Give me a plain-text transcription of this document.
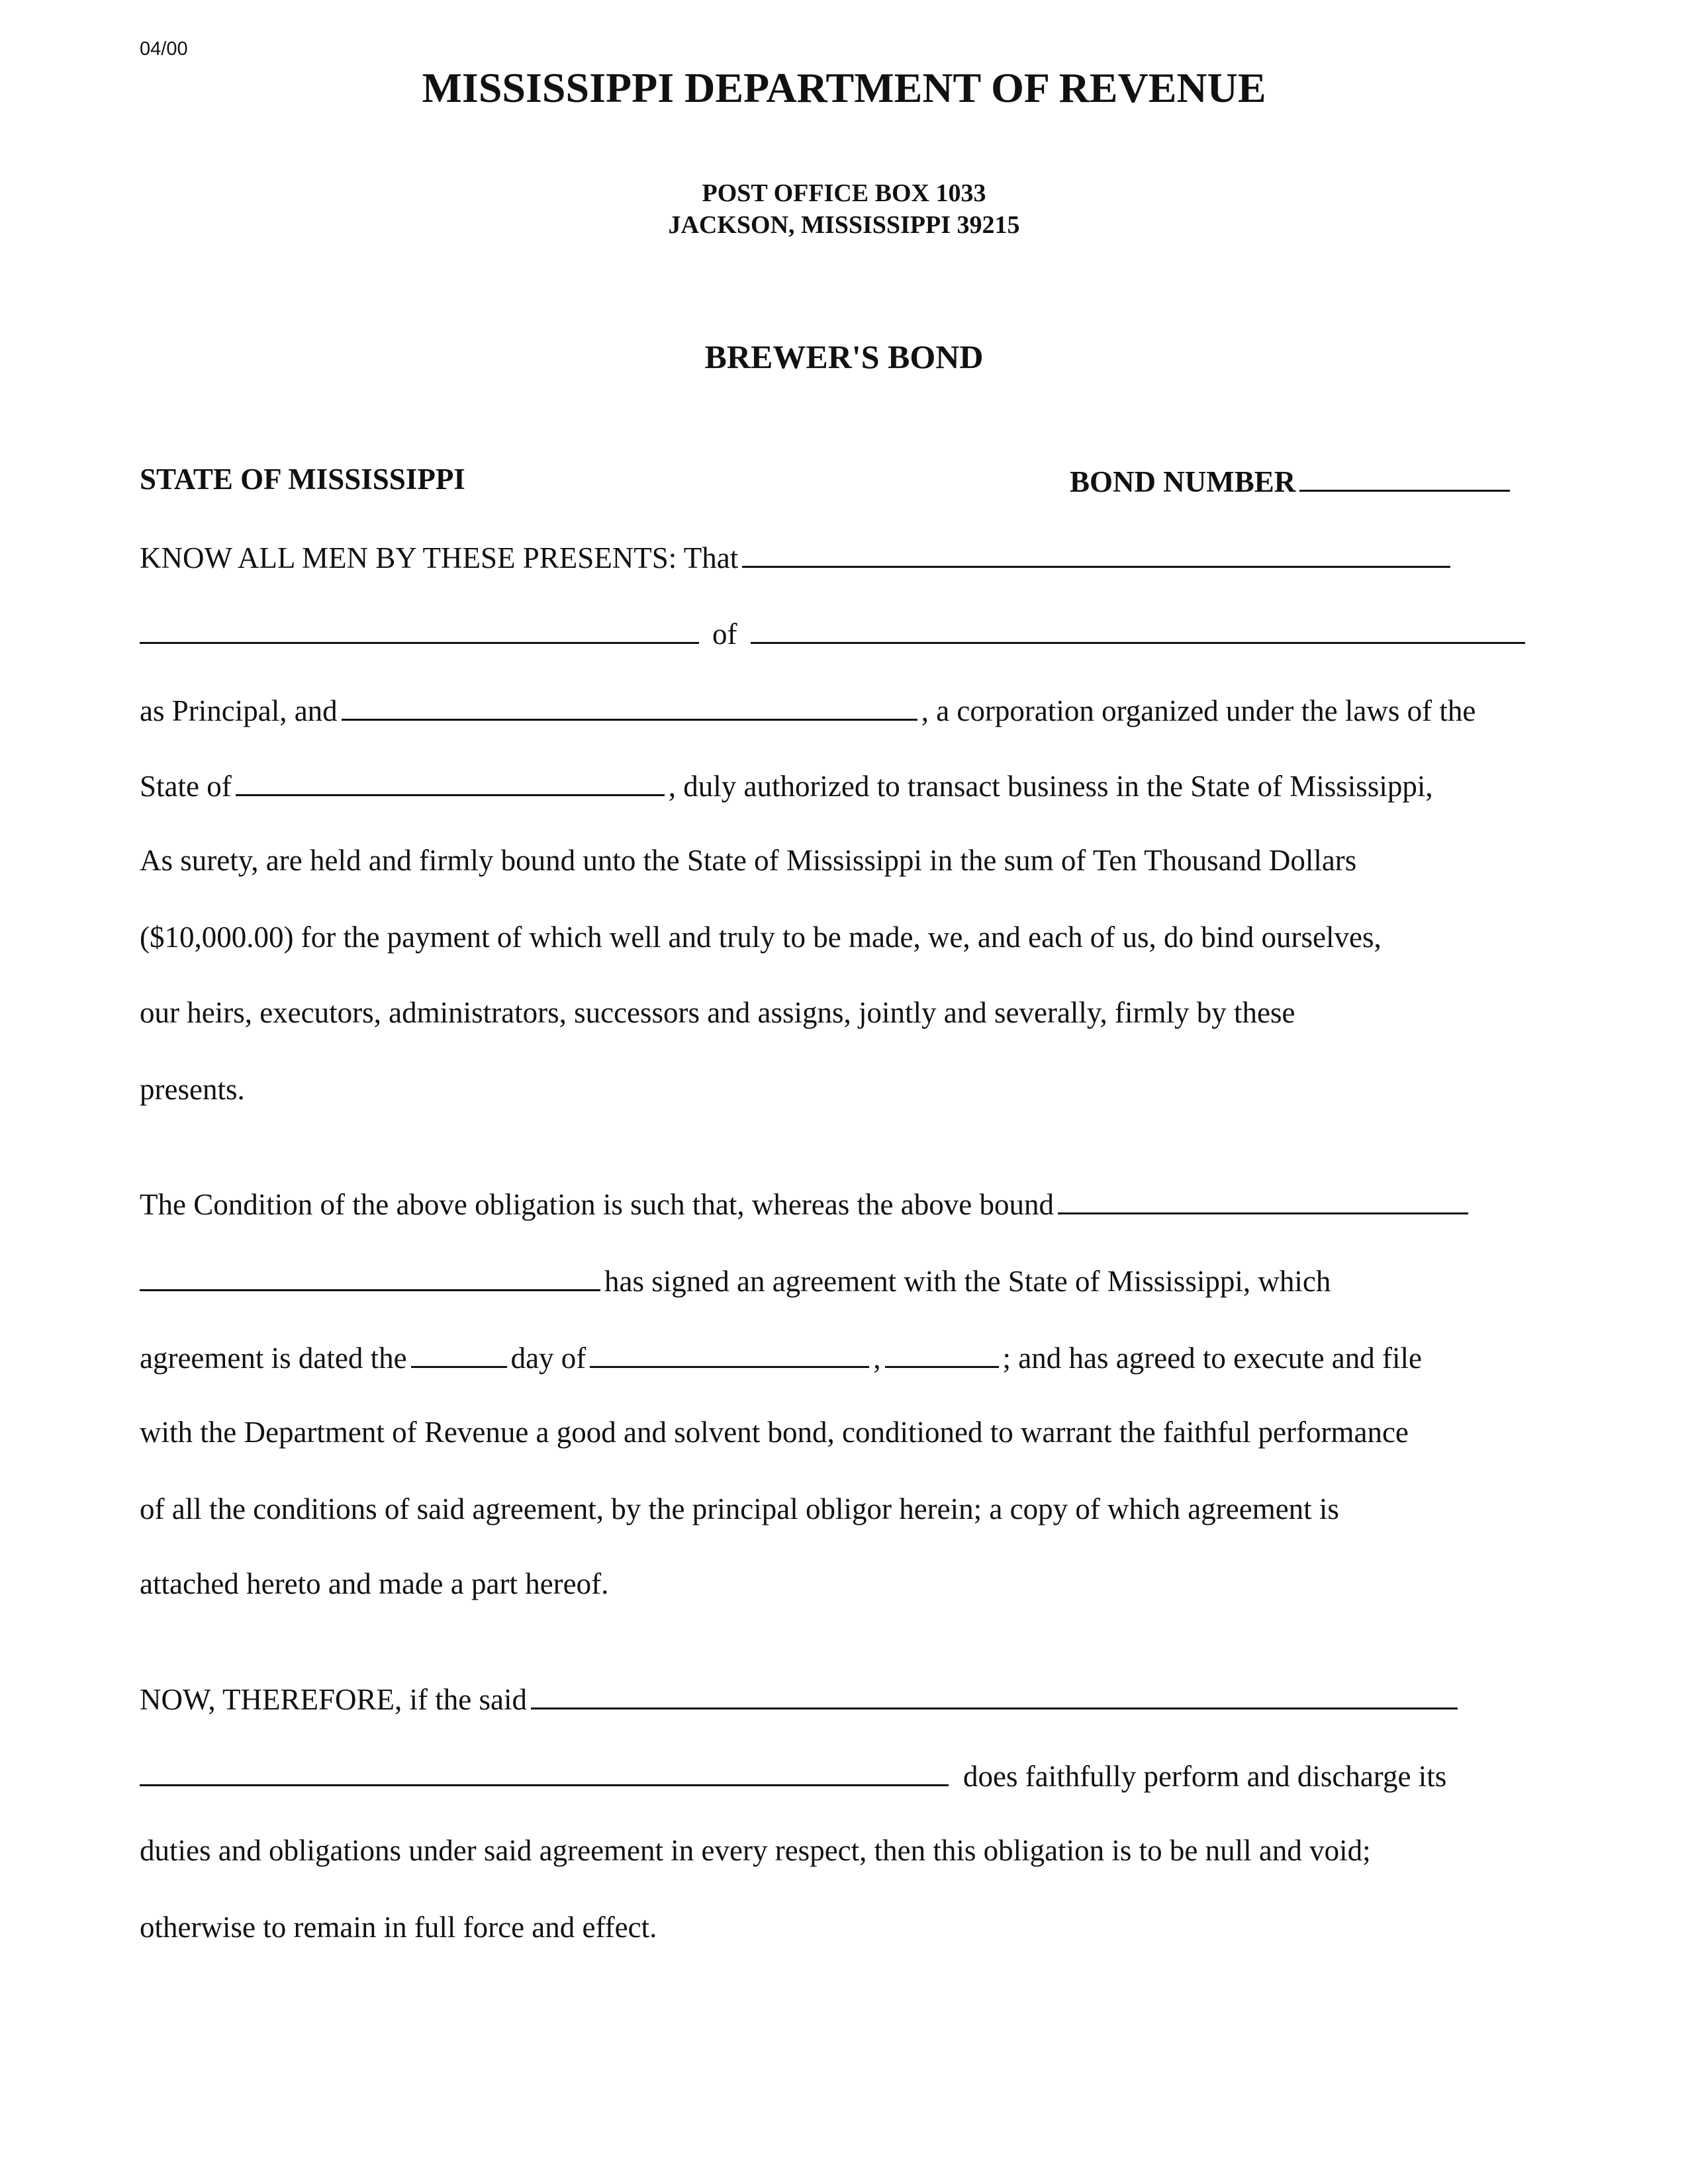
04/00
MISSISSIPPI DEPARTMENT OF REVENUE
POST OFFICE BOX 1033
JACKSON, MISSISSIPPI 39215
BREWER'S BOND
STATE OF MISSISSIPPI	BOND NUMBER
KNOW ALL MEN BY THESE PRESENTS: That
of
as Principal, and	, a corporation organized under the laws of the
State of	, duly authorized to transact business in the State of Mississippi,
As surety, are held and firmly bound unto the State of Mississippi in the sum of Ten Thousand Dollars
($10,000.00) for the payment of which well and truly to be made, we, and each of us, do bind ourselves,
our heirs, executors, administrators, successors and assigns, jointly and severally, firmly by these
presents.
The Condition of the above obligation is such that, whereas the above bound
has signed an agreement with the State of Mississippi, which
agreement is dated the	day of	,	; and has agreed to execute and file
with the Department of Revenue a good and solvent bond, conditioned to warrant the faithful performance
of all the conditions of said agreement, by the principal obligor herein; a copy of which agreement is
attached hereto and made a part hereof.
NOW, THEREFORE, if the said
does faithfully perform and discharge its
duties and obligations under said agreement in every respect, then this obligation is to be null and void;
otherwise to remain in full force and effect.
